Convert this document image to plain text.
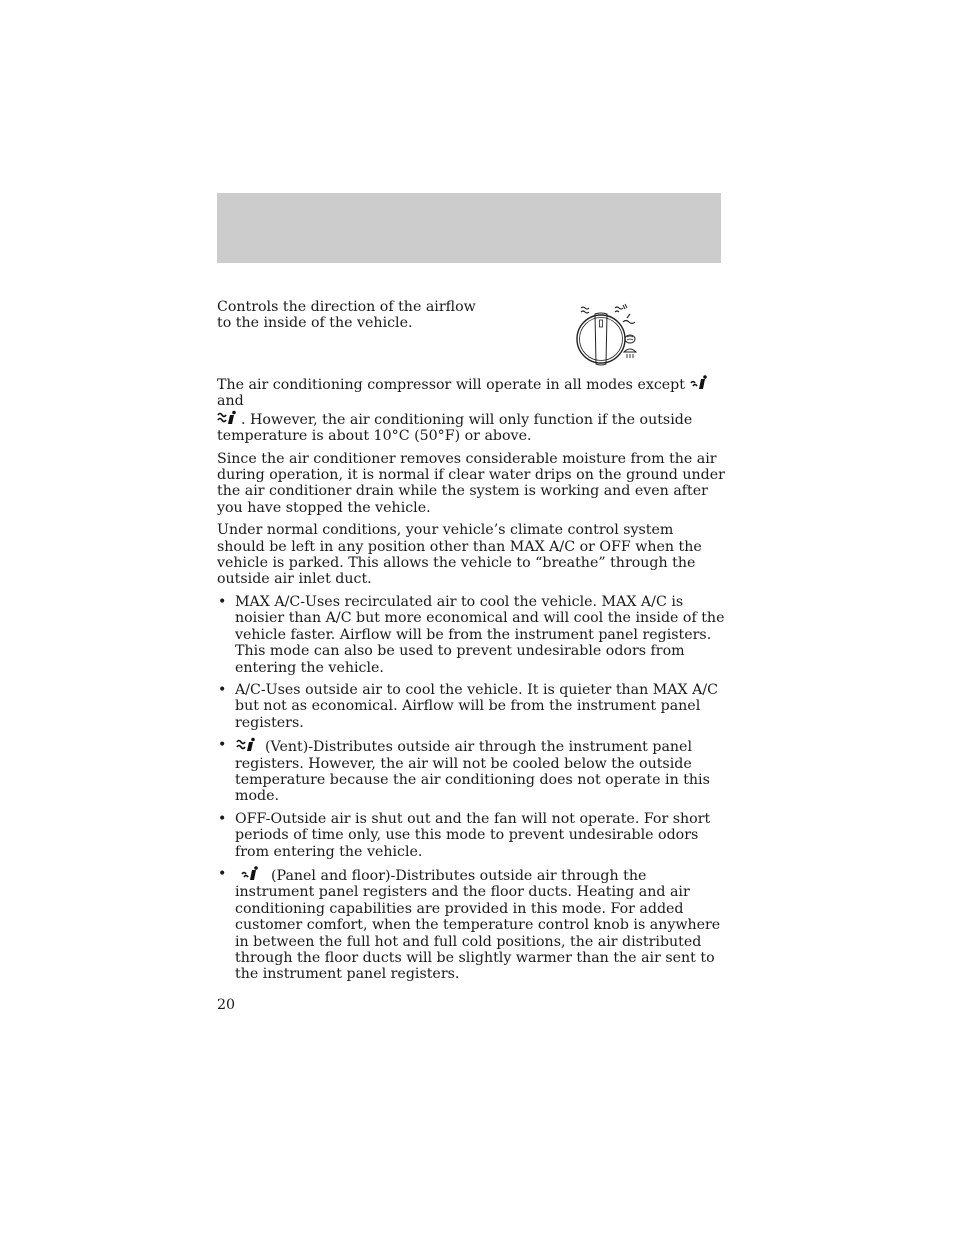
Controls the direction of the airflow to the inside of the vehicle.

The air conditioning compressor will operate in all modes exceptand
. However, the air conditioning will only function if the outside temperature is about 10°C (50°F) or above.

Since the air conditioner removes considerable moisture from the air during operation, it is normal if clear water drips on the ground under the air conditioner drain while the system is working and even after you have stopped the vehicle.

Under normal conditions, your vehicle’s climate control system should be left in any position other than MAX A/C or OFF when the vehicle is parked. This allows the vehicle to “breathe” through the outside air inlet duct.

• MAX A/C-Uses recirculated air to cool the vehicle. MAX A/C is noisier than A/C but more economical and will cool the inside of the vehicle faster. Airflow will be from the instrument panel registers. This mode can also be used to prevent undesirable odors from entering the vehicle.
• A/C-Uses outside air to cool the vehicle. It is quieter than MAX A/C but not as economical. Airflow will be from the instrument panel registers.
•	(Vent)-Distributes outside air through the instrument panel registers. However, the air will not be cooled below the outside temperature because the air conditioning does not operate in this mode.
• OFF-Outside air is shut out and the fan will not operate. For short periods of time only, use this mode to prevent undesirable odors from entering the vehicle.
•	(Panel and floor)-Distributes outside air through the instrument panel registers and the floor ducts. Heating and air conditioning capabilities are provided in this mode. For added customer comfort, when the temperature control knob is anywhere in between the full hot and full cold positions, the air distributed through the floor ducts will be slightly warmer than the air sent to the instrument panel registers.
20
